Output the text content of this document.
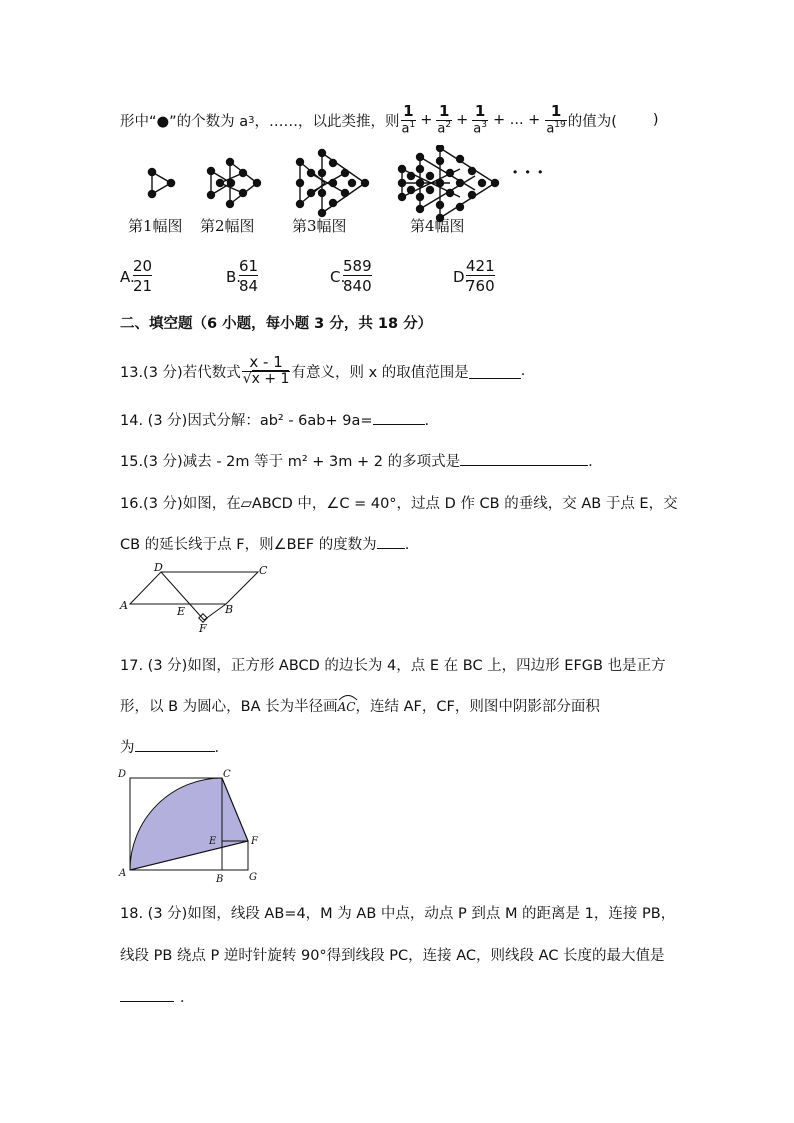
形中“●”的个数为 a 3 ，……，以此类推，则 $\frac{1}{a^1} + \frac{1}{a^2} + \frac{1}{a^3}$ + ... + $\frac{1}{a^{19}}$ 的值为( )
· · ·
第1幅图 第2幅图 第3幅图	第4幅图
A.
20
21	B.
61
84	C.
589
840	D.
421
760
二、填空题（6 小题，每小题 3 分，共 18 分）
13.(3 分)若代数式 $\frac{x - 1}{√x + 1}$ 有意义，则 x 的取值范围是	.
14. (3 分)因式分解：ab² - 6ab+ 9a=	.
15.(3 分)减去 - 2m 等于 m² + 3m + 2 的多项式是	.
16.(3 分)如图，在▱ABCD 中，∠C = 40°，过点 D 作 CB 的垂线，交 AB 于点 E，交
CB 的延长线于点 F，则∠BEF 的度数为 .
D	C
A	E	B
F
17. (3 分)如图，正方形 ABCD 的边长为 4，点 E 在 BC 上，四边形 EFGB 也是正方
形，以 B 为圆心，BA 长为半径画AC
，连结 AF，CF，则图中阴影部分面积
为	．
D	C
E	F
A
B	G
18. (3 分)如图，线段 AB=4，M 为 AB 中点，动点 P 到点 M 的距离是 1，连接 PB，
线段 PB 绕点 P 逆时针旋转 90°得到线段 PC，连接 AC，则线段 AC 长度的最大值是
．
